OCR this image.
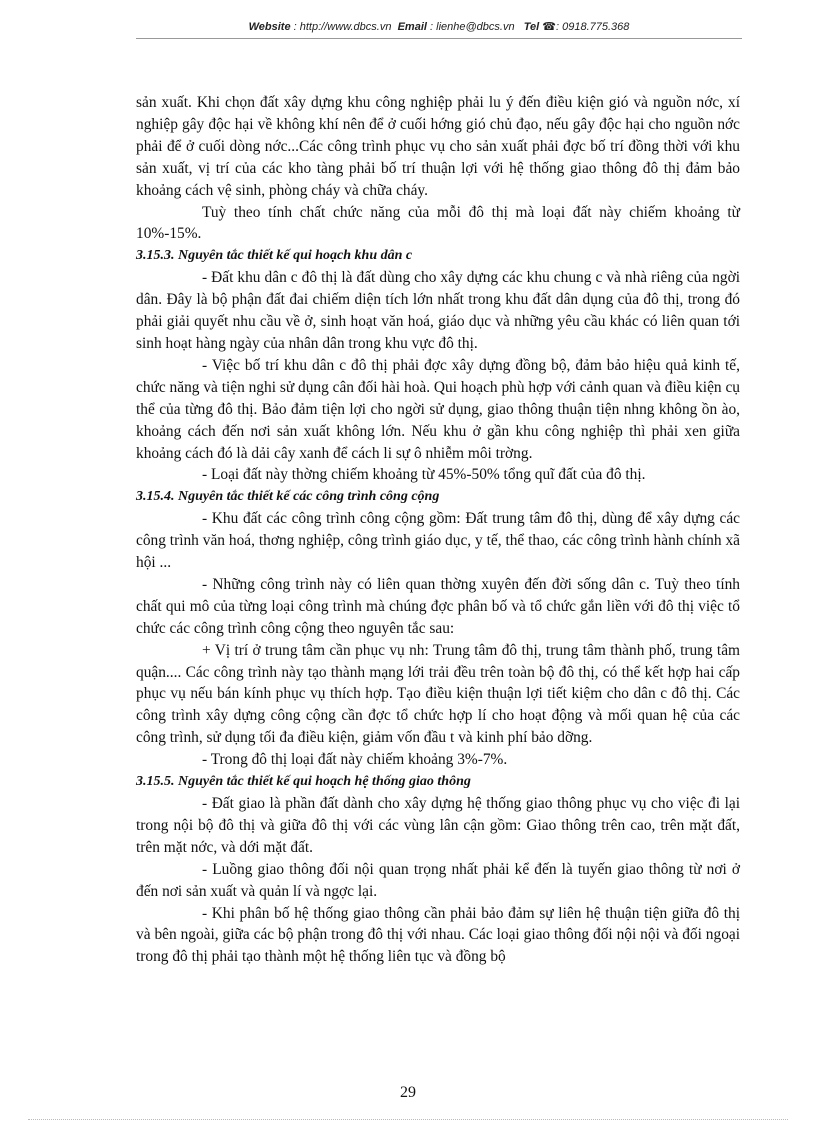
Website : http://www.dbcs.vn Email : lienhe@dbcs.vn Tel ☎: 0918.775.368

sản xuất. Khi chọn đất xây dựng khu công nghiệp phải lu ý đến điều kiện gió và nguồn nớc, xí nghiệp gây độc hại về không khí nên để ở cuối hớng gió chủ đạo, nếu gây độc hại cho nguồn nớc phải để ở cuối dòng nớc...Các công trình phục vụ cho sản xuất phải đợc bố trí đồng thời với khu sản xuất, vị trí của các kho tàng phải bố trí thuận lợi với hệ thống giao thông đô thị đảm bảo khoảng cách vệ sinh, phòng cháy và chữa cháy.

Tuỳ theo tính chất chức năng của mỗi đô thị mà loại đất này chiếm khoảng từ 10%-15%.

3.15.3. Nguyên tắc thiết kế qui hoạch khu dân c

- Đất khu dân c đô thị là đất dùng cho xây dựng các khu chung c và nhà riêng của ngời dân. Đây là bộ phận đất đai chiếm diện tích lớn nhất trong khu đất dân dụng của đô thị, trong đó phải giải quyết nhu cầu về ở, sinh hoạt văn hoá, giáo dục và những yêu cầu khác có liên quan tới sinh hoạt hàng ngày của nhân dân trong khu vực đô thị.

- Việc bố trí khu dân c đô thị phải đợc xây dựng đồng bộ, đảm bảo hiệu quả kinh tế, chức năng và tiện nghi sử dụng cân đối hài hoà. Qui hoạch phù hợp với cảnh quan và điều kiện cụ thể của từng đô thị. Bảo đảm tiện lợi cho ngời sử dụng, giao thông thuận tiện nhng không ồn ào, khoảng cách đến nơi sản xuất không lớn. Nếu khu ở gần khu công nghiệp thì phải xen giữa khoảng cách đó là dải cây xanh để cách li sự ô nhiễm môi trờng.

- Loại đất này thờng chiếm khoảng từ 45%-50% tổng quĩ đất của đô thị.

3.15.4. Nguyên tắc thiết kế các công trình công cộng

- Khu đất các công trình công cộng gồm: Đất trung tâm đô thị, dùng để xây dựng các công trình văn hoá, thơng nghiệp, công trình giáo dục, y tế, thể thao, các công trình hành chính xã hội ...

- Những công trình này có liên quan thờng xuyên đến đời sống dân c. Tuỳ theo tính chất qui mô của từng loại công trình mà chúng đợc phân bố và tổ chức gắn liền với đô thị việc tổ chức các công trình công cộng theo nguyên tắc sau:

+ Vị trí ở trung tâm cần phục vụ nh: Trung tâm đô thị, trung tâm thành phố, trung tâm quận.... Các công trình này tạo thành mạng lới trải đều trên toàn bộ đô thị, có thể kết hợp hai cấp phục vụ nếu bán kính phục vụ thích hợp. Tạo điều kiện thuận lợi tiết kiệm cho dân c đô thị. Các công trình xây dựng công cộng cần đợc tổ chức hợp lí cho hoạt động và mối quan hệ của các công trình, sử dụng tối đa điều kiện, giảm vốn đầu t và kinh phí bảo dỡng.

- Trong đô thị loại đất này chiếm khoảng 3%-7%.

3.15.5. Nguyên tắc thiết kế qui hoạch hệ thống giao thông

- Đất giao là phần đất dành cho xây dựng hệ thống giao thông phục vụ cho việc đi lại trong nội bộ đô thị và giữa đô thị với các vùng lân cận gồm: Giao thông trên cao, trên mặt đất, trên mặt nớc, và dới mặt đất.

- Luồng giao thông đối nội quan trọng nhất phải kể đến là tuyến giao thông từ nơi ở đến nơi sản xuất và quản lí và ngợc lại.

- Khi phân bố hệ thống giao thông cần phải bảo đảm sự liên hệ thuận tiện giữa đô thị và bên ngoài, giữa các bộ phận trong đô thị với nhau. Các loại giao thông đối nội nội và đối ngoại trong đô thị phải tạo thành một hệ thống liên tục và đồng bộ

29
